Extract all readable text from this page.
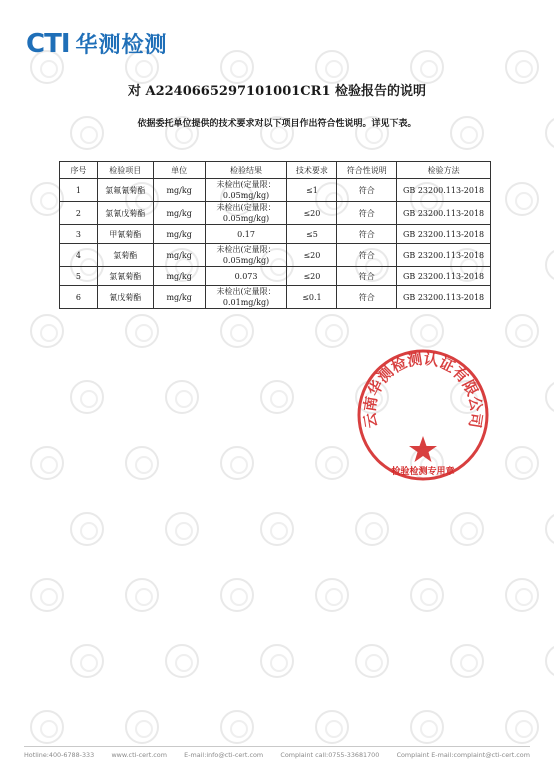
CTI 华测检测
对 A2240665297101001CR1 检验报告的说明
依据委托单位提供的技术要求对以下项目作出符合性说明。详见下表。
序号	检验项目	单位	检验结果	技术要求	符合性说明	检验方法
1	氯氟氰菊酯	mg/kg	未检出(定量限：0.05mg/kg)	≤1	符合	GB 23200.113-2018
2	氯氰戊菊酯	mg/kg	未检出(定量限：0.05mg/kg)	≤20	符合	GB 23200.113-2018
3	甲氰菊酯	mg/kg	0.17	≤5	符合	GB 23200.113-2018
4	氯菊酯	mg/kg	未检出(定量限：0.05mg/kg)	≤20	符合	GB 23200.113-2018
5	氯氰菊酯	mg/kg	0.073	≤20	符合	GB 23200.113-2018
6	氰戊菊酯	mg/kg	未检出(定量限：0.01mg/kg)	≤0.1	符合	GB 23200.113-2018
云南华测检测认证有限公司
检验检测专用章
Hotline:400-6788-333	www.cti-cert.com	E-mail:info@cti-cert.com	Complaint call:0755-33681700	Complaint E-mail:complaint@cti-cert.com
